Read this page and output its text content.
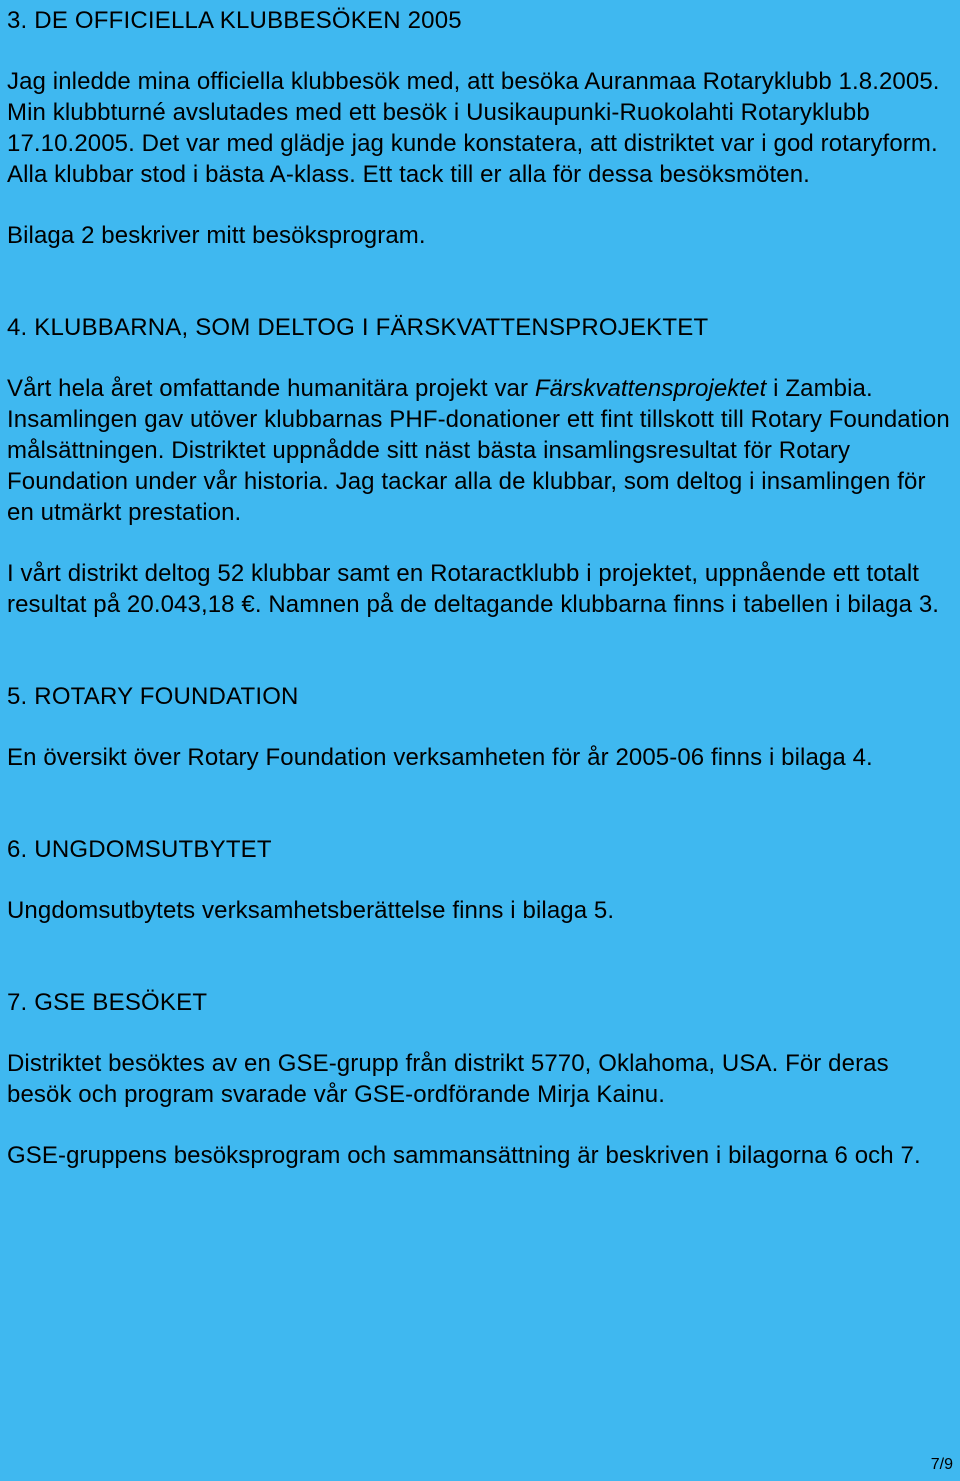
3. DE OFFICIELLA KLUBBESÖKEN 2005

Jag inledde mina officiella klubbesök med, att besöka Auranmaa Rotaryklubb 1.8.2005. Min klubbturné avslutades med ett besök i Uusikaupunki-Ruokolahti Rotaryklubb 17.10.2005. Det var med glädje jag kunde konstatera, att distriktet var i god rotaryform. Alla klubbar stod i bästa A-klass. Ett tack till er alla för dessa besöksmöten.

Bilaga 2 beskriver mitt besöksprogram.

4. KLUBBARNA, SOM DELTOG I FÄRSKVATTENSPROJEKTET

Vårt hela året omfattande humanitära projekt var Färskvattensprojektet i Zambia. Insamlingen gav utöver klubbarnas PHF-donationer ett fint tillskott till Rotary Foundation målsättningen. Distriktet uppnådde sitt näst bästa insamlingsresultat för Rotary Foundation under vår historia. Jag tackar alla de klubbar, som deltog i insamlingen för en utmärkt prestation.

I vårt distrikt deltog 52 klubbar samt en Rotaractklubb i projektet, uppnående ett totalt resultat på 20.043,18 €. Namnen på de deltagande klubbarna finns i tabellen i bilaga 3.

5. ROTARY FOUNDATION

En översikt över Rotary Foundation verksamheten för år 2005-06 finns i bilaga 4.

6. UNGDOMSUTBYTET

Ungdomsutbytets verksamhetsberättelse finns i bilaga 5.

7. GSE BESÖKET

Distriktet besöktes av en GSE-grupp från distrikt 5770, Oklahoma, USA. För deras besök och program svarade vår GSE-ordförande Mirja Kainu.

GSE-gruppens besöksprogram och sammansättning är beskriven i bilagorna 6 och 7.

7/9
